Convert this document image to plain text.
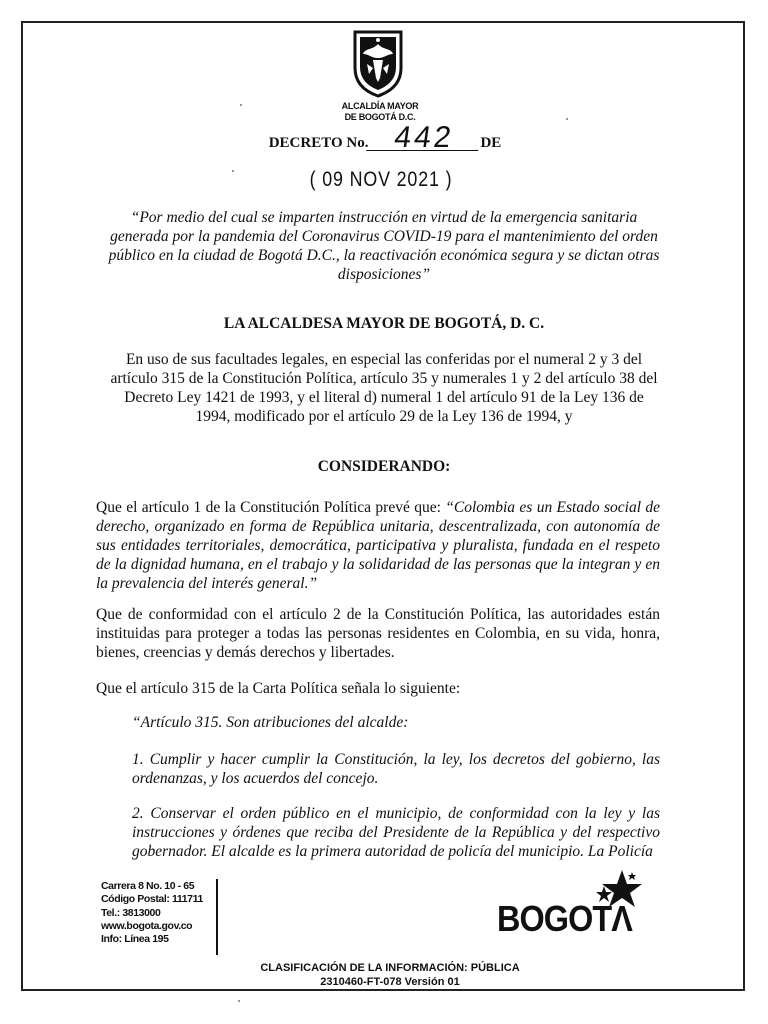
ALCALDÍA MAYOR
DE BOGOTÁ D.C.
DECRETO No. 442 DE
( 09 NOV 2021 )
“Por medio del cual se imparten instrucción en virtud de la emergencia sanitaria generada por la pandemia del Coronavirus COVID-19 para el mantenimiento del orden público en la ciudad de Bogotá D.C., la reactivación económica segura y se dictan otras disposiciones”
LA ALCALDESA MAYOR DE BOGOTÁ, D. C.
En uso de sus facultades legales, en especial las conferidas por el numeral 2 y 3 del artículo 315 de la Constitución Política, artículo 35 y numerales 1 y 2 del artículo 38 del Decreto Ley 1421 de 1993, y el literal d) numeral 1 del artículo 91 de la Ley 136 de 1994, modificado por el artículo 29 de la Ley 136 de 1994, y
CONSIDERANDO:
Que el artículo 1 de la Constitución Política prevé que: “Colombia es un Estado social de derecho, organizado en forma de República unitaria, descentralizada, con autonomía de sus entidades territoriales, democrática, participativa y pluralista, fundada en el respeto de la dignidad humana, en el trabajo y la solidaridad de las personas que la integran y en la prevalencia del interés general.”
Que de conformidad con el artículo 2 de la Constitución Política, las autoridades están instituidas para proteger a todas las personas residentes en Colombia, en su vida, honra, bienes, creencias y demás derechos y libertades.
Que el artículo 315 de la Carta Política señala lo siguiente:
“Artículo 315. Son atribuciones del alcalde:
1. Cumplir y hacer cumplir la Constitución, la ley, los decretos del gobierno, las ordenanzas, y los acuerdos del concejo.
2. Conservar el orden público en el municipio, de conformidad con la ley y las instrucciones y órdenes que reciba del Presidente de la República y del respectivo gobernador. El alcalde es la primera autoridad de policía del municipio. La Policía
Carrera 8 No. 10 - 65
Código Postal: 111711
Tel.: 3813000
www.bogota.gov.co
Info: Línea 195
BOGOTΛ
CLASIFICACIÓN DE LA INFORMACIÓN: PÚBLICA
2310460-FT-078 Versión 01
